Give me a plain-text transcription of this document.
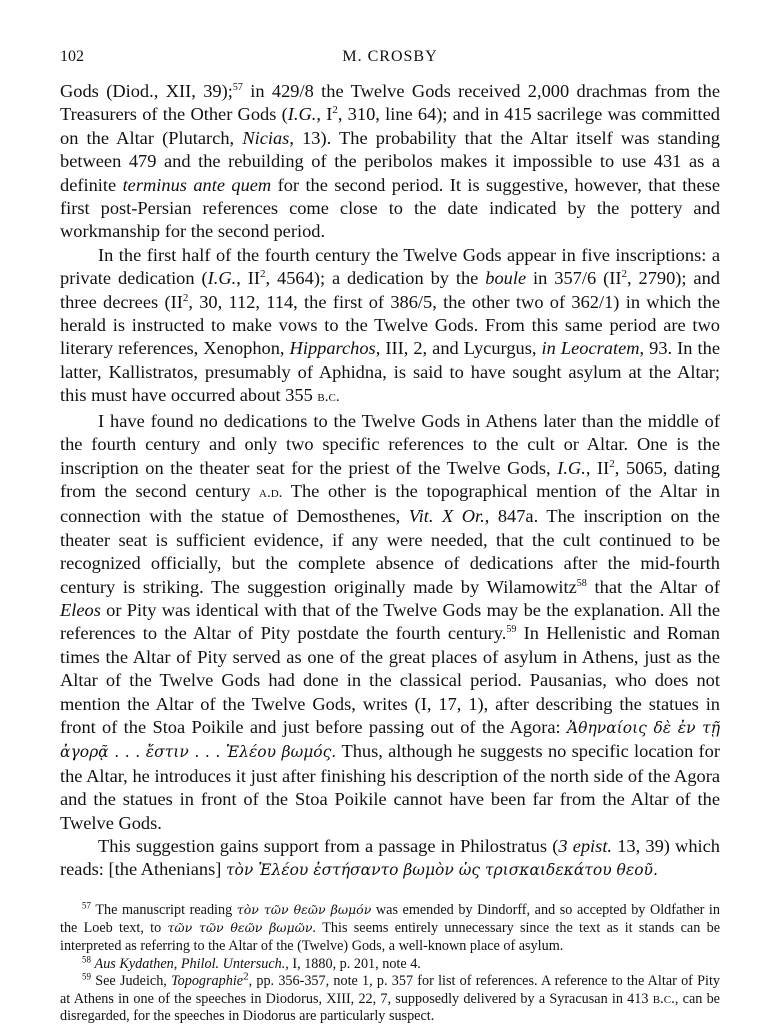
102	M. CROSBY

Gods (Diod., XII, 39);$^{57}$ in 429/8 the Twelve Gods received 2,000 drachmas from the Treasurers of the Other Gods (I.G., $I^2$, 310, line 64); and in 415 sacrilege was committed on the Altar (Plutarch, Nicias, 13). The probability that the Altar itself was standing between 479 and the rebuilding of the peribolos makes it impossible to use 431 as a definite terminus ante quem for the second period. It is suggestive, however, that these first post-Persian references come close to the date indicated by the pottery and workmanship for the second period.

In the first half of the fourth century the Twelve Gods appear in five inscriptions: a private dedication (I.G., $II^2$, 4564); a dedication by the boule in 357/6 ($II^2$, 2790); and three decrees ($II^2$, 30, 112, 114, the first of 386/5, the other two of 362/1) in which the herald is instructed to make vows to the Twelve Gods. From this same period are two literary references, Xenophon, Hipparchos, III, 2, and Lycurgus, in Leocratem, 93. In the latter, Kallistratos, presumably of Aphidna, is said to have sought asylum at the Altar; this must have occurred about 355 b.c.

I have found no dedications to the Twelve Gods in Athens later than the middle of the fourth century and only two specific references to the cult or Altar. One is the inscription on the theater seat for the priest of the Twelve Gods, I.G., $II^2$, 5065, dating from the second century a.d. The other is the topographical mention of the Altar in connection with the statue of Demosthenes, Vit. X Or., 847a. The inscription on the theater seat is sufficient evidence, if any were needed, that the cult continued to be recognized officially, but the complete absence of dedications after the mid-fourth century is striking. The suggestion originally made by Wilamowitz$^{58}$ that the Altar of Eleos or Pity was identical with that of the Twelve Gods may be the explanation. All the references to the Altar of Pity postdate the fourth century.$^{59}$ In Hellenistic and Roman times the Altar of Pity served as one of the great places of asylum in Athens, just as the Altar of the Twelve Gods had done in the classical period. Pausanias, who does not mention the Altar of the Twelve Gods, writes (I, 17, 1), after describing the statues in front of the Stoa Poikile and just before passing out of the Agora: Ἀθηναίοις δὲ ἐν τῇ ἀγορᾷ . . . ἔστιν . . . Ἐλέου βωμός. Thus, although he suggests no specific location for the Altar, he introduces it just after finishing his description of the north side of the Agora and the statues in front of the Stoa Poikile cannot have been far from the Altar of the Twelve Gods.

This suggestion gains support from a passage in Philostratus (3 epist. 13, 39) which reads: [the Athenians] τὸν Ἐλέου ἐστήσαντο βωμὸν ὡς τρισκαιδεκάτου θεοῦ.

$^{57}$ The manuscript reading τὸν τῶν θεῶν βωμόν was emended by Dindorff, and so accepted by Oldfather in the Loeb text, to τῶν τῶν θεῶν βωμῶν. This seems entirely unnecessary since the text as it stands can be interpreted as referring to the Altar of the (Twelve) Gods, a well-known place of asylum.

$^{58}$ Aus Kydathen, Philol. Untersuch., I, 1880, p. 201, note 4.

$^{59}$ See Judeich, Topographie$^2$, pp. 356-357, note 1, p. 357 for list of references. A reference to the Altar of Pity at Athens in one of the speeches in Diodorus, XIII, 22, 7, supposedly delivered by a Syracusan in 413 b.c., can be disregarded, for the speeches in Diodorus are particularly suspect.
